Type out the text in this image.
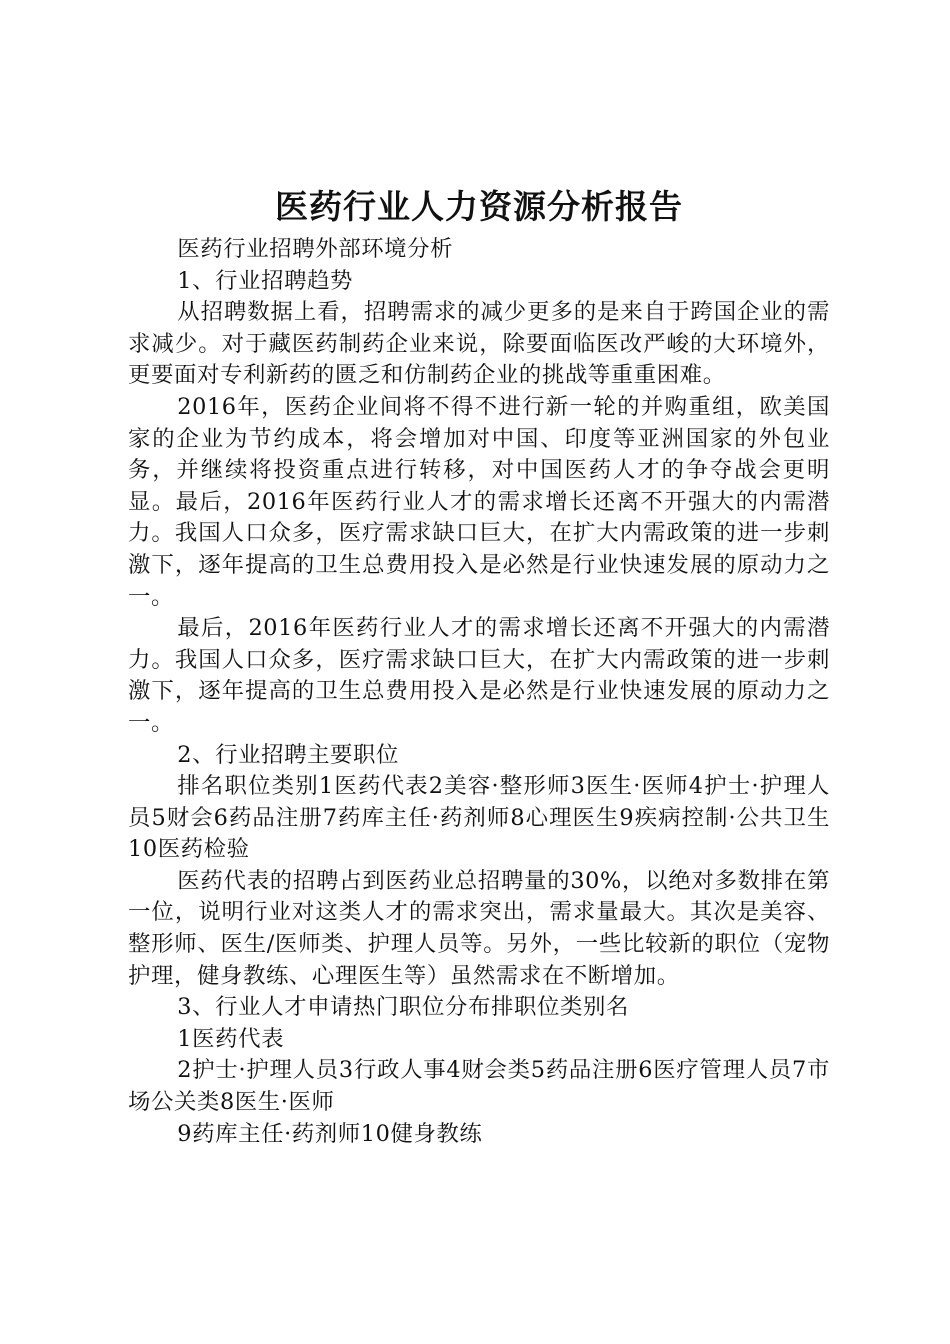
医药行业人力资源分析报告

医药行业招聘外部环境分析

1、行业招聘趋势

从招聘数据上看，招聘需求的减少更多的是来自于跨国企业的需求减少。对于藏医药制药企业来说，除要面临医改严峻的大环境外，更要面对专利新药的匮乏和仿制药企业的挑战等重重困难。

2016年，医药企业间将不得不进行新一轮的并购重组，欧美国家的企业为节约成本，将会增加对中国、印度等亚洲国家的外包业务，并继续将投资重点进行转移，对中国医药人才的争夺战会更明显。最后，2016年医药行业人才的需求增长还离不开强大的内需潜力。我国人口众多，医疗需求缺口巨大，在扩大内需政策的进一步刺激下，逐年提高的卫生总费用投入是必然是行业快速发展的原动力之一。

最后，2016年医药行业人才的需求增长还离不开强大的内需潜力。我国人口众多，医疗需求缺口巨大，在扩大内需政策的进一步刺激下，逐年提高的卫生总费用投入是必然是行业快速发展的原动力之一。

2、行业招聘主要职位

排名职位类别1医药代表2美容·整形师3医生·医师4护士·护理人员5财会6药品注册7药库主任·药剂师8心理医生9疾病控制·公共卫生10医药检验

医药代表的招聘占到医药业总招聘量的30%，以绝对多数排在第一位，说明行业对这类人才的需求突出，需求量最大。其次是美容、整形师、医生/医师类、护理人员等。另外，一些比较新的职位（宠物护理，健身教练、心理医生等）虽然需求在不断增加。

3、行业人才申请热门职位分布排职位类别名

1医药代表

2护士·护理人员3行政人事4财会类5药品注册6医疗管理人员7市场公关类8医生·医师

9药库主任·药剂师10健身教练
